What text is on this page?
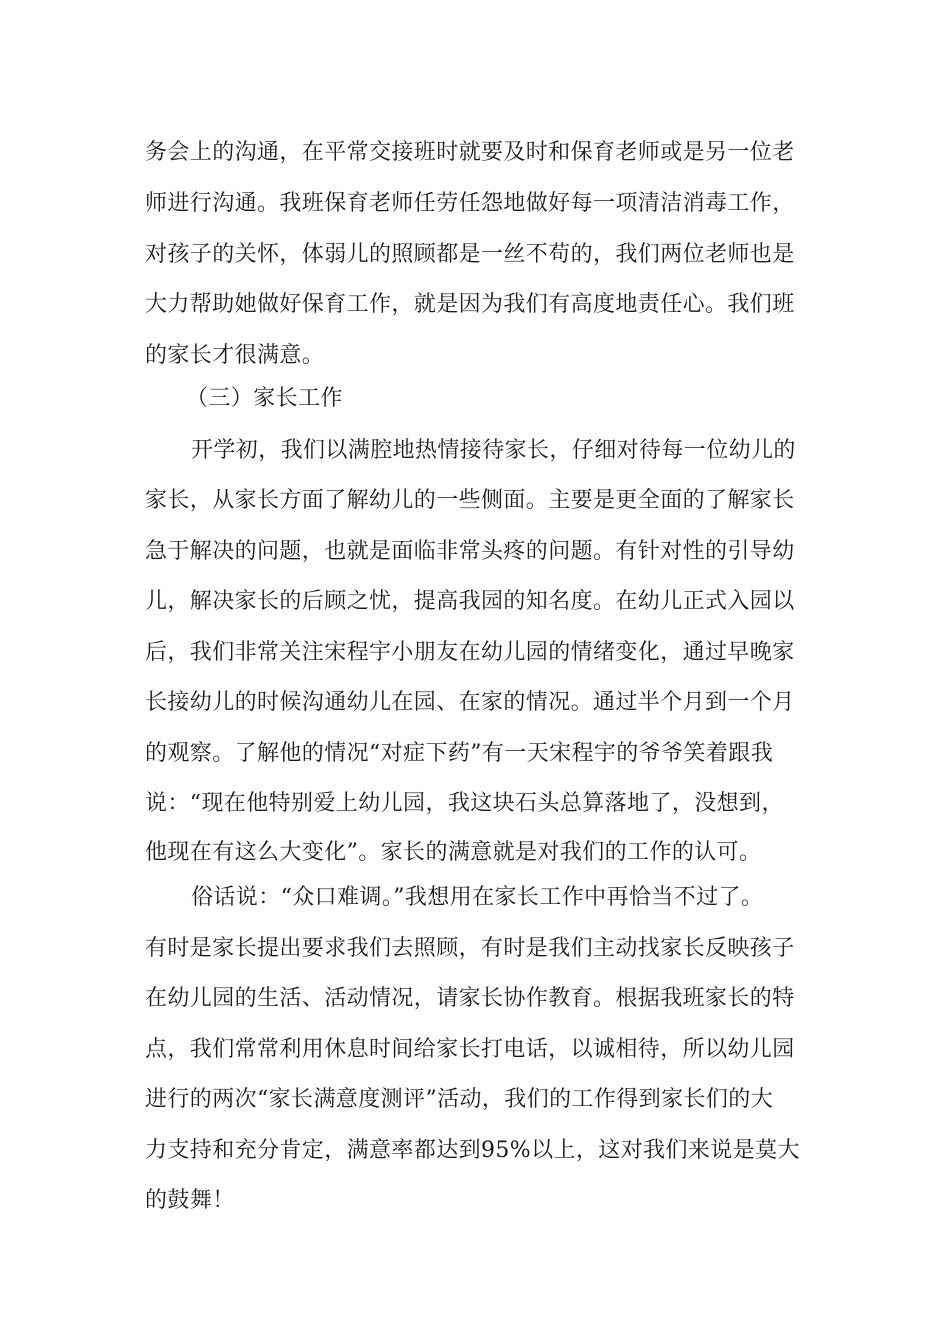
务会上的沟通，在平常交接班时就要及时和保育老师或是另一位老
师进行沟通。我班保育老师任劳任怨地做好每一项清洁消毒工作，
对孩子的关怀，体弱儿的照顾都是一丝不苟的，我们两位老师也是
大力帮助她做好保育工作，就是因为我们有高度地责任心。我们班
的家长才很满意。
（三）家长工作
开学初，我们以满腔地热情接待家长，仔细对待每一位幼儿的
家长，从家长方面了解幼儿的一些侧面。主要是更全面的了解家长
急于解决的问题，也就是面临非常头疼的问题。有针对性的引导幼
儿，解决家长的后顾之忧，提高我园的知名度。在幼儿正式入园以
后，我们非常关注宋程宇小朋友在幼儿园的情绪变化，通过早晚家
长接幼儿的时候沟通幼儿在园、在家的情况。通过半个月到一个月
的观察。了解他的情况“对症下药”有一天宋程宇的爷爷笑着跟我
说：“现在他特别爱上幼儿园，我这块石头总算落地了，没想到，
他现在有这么大变化”。家长的满意就是对我们的工作的认可。
俗话说：“众口难调。”我想用在家长工作中再恰当不过了。
有时是家长提出要求我们去照顾，有时是我们主动找家长反映孩子
在幼儿园的生活、活动情况，请家长协作教育。根据我班家长的特
点，我们常常利用休息时间给家长打电话，以诚相待，所以幼儿园
进行的两次“家长满意度测评”活动，我们的工作得到家长们的大
力支持和充分肯定，满意率都达到95%以上，这对我们来说是莫大
的鼓舞！
